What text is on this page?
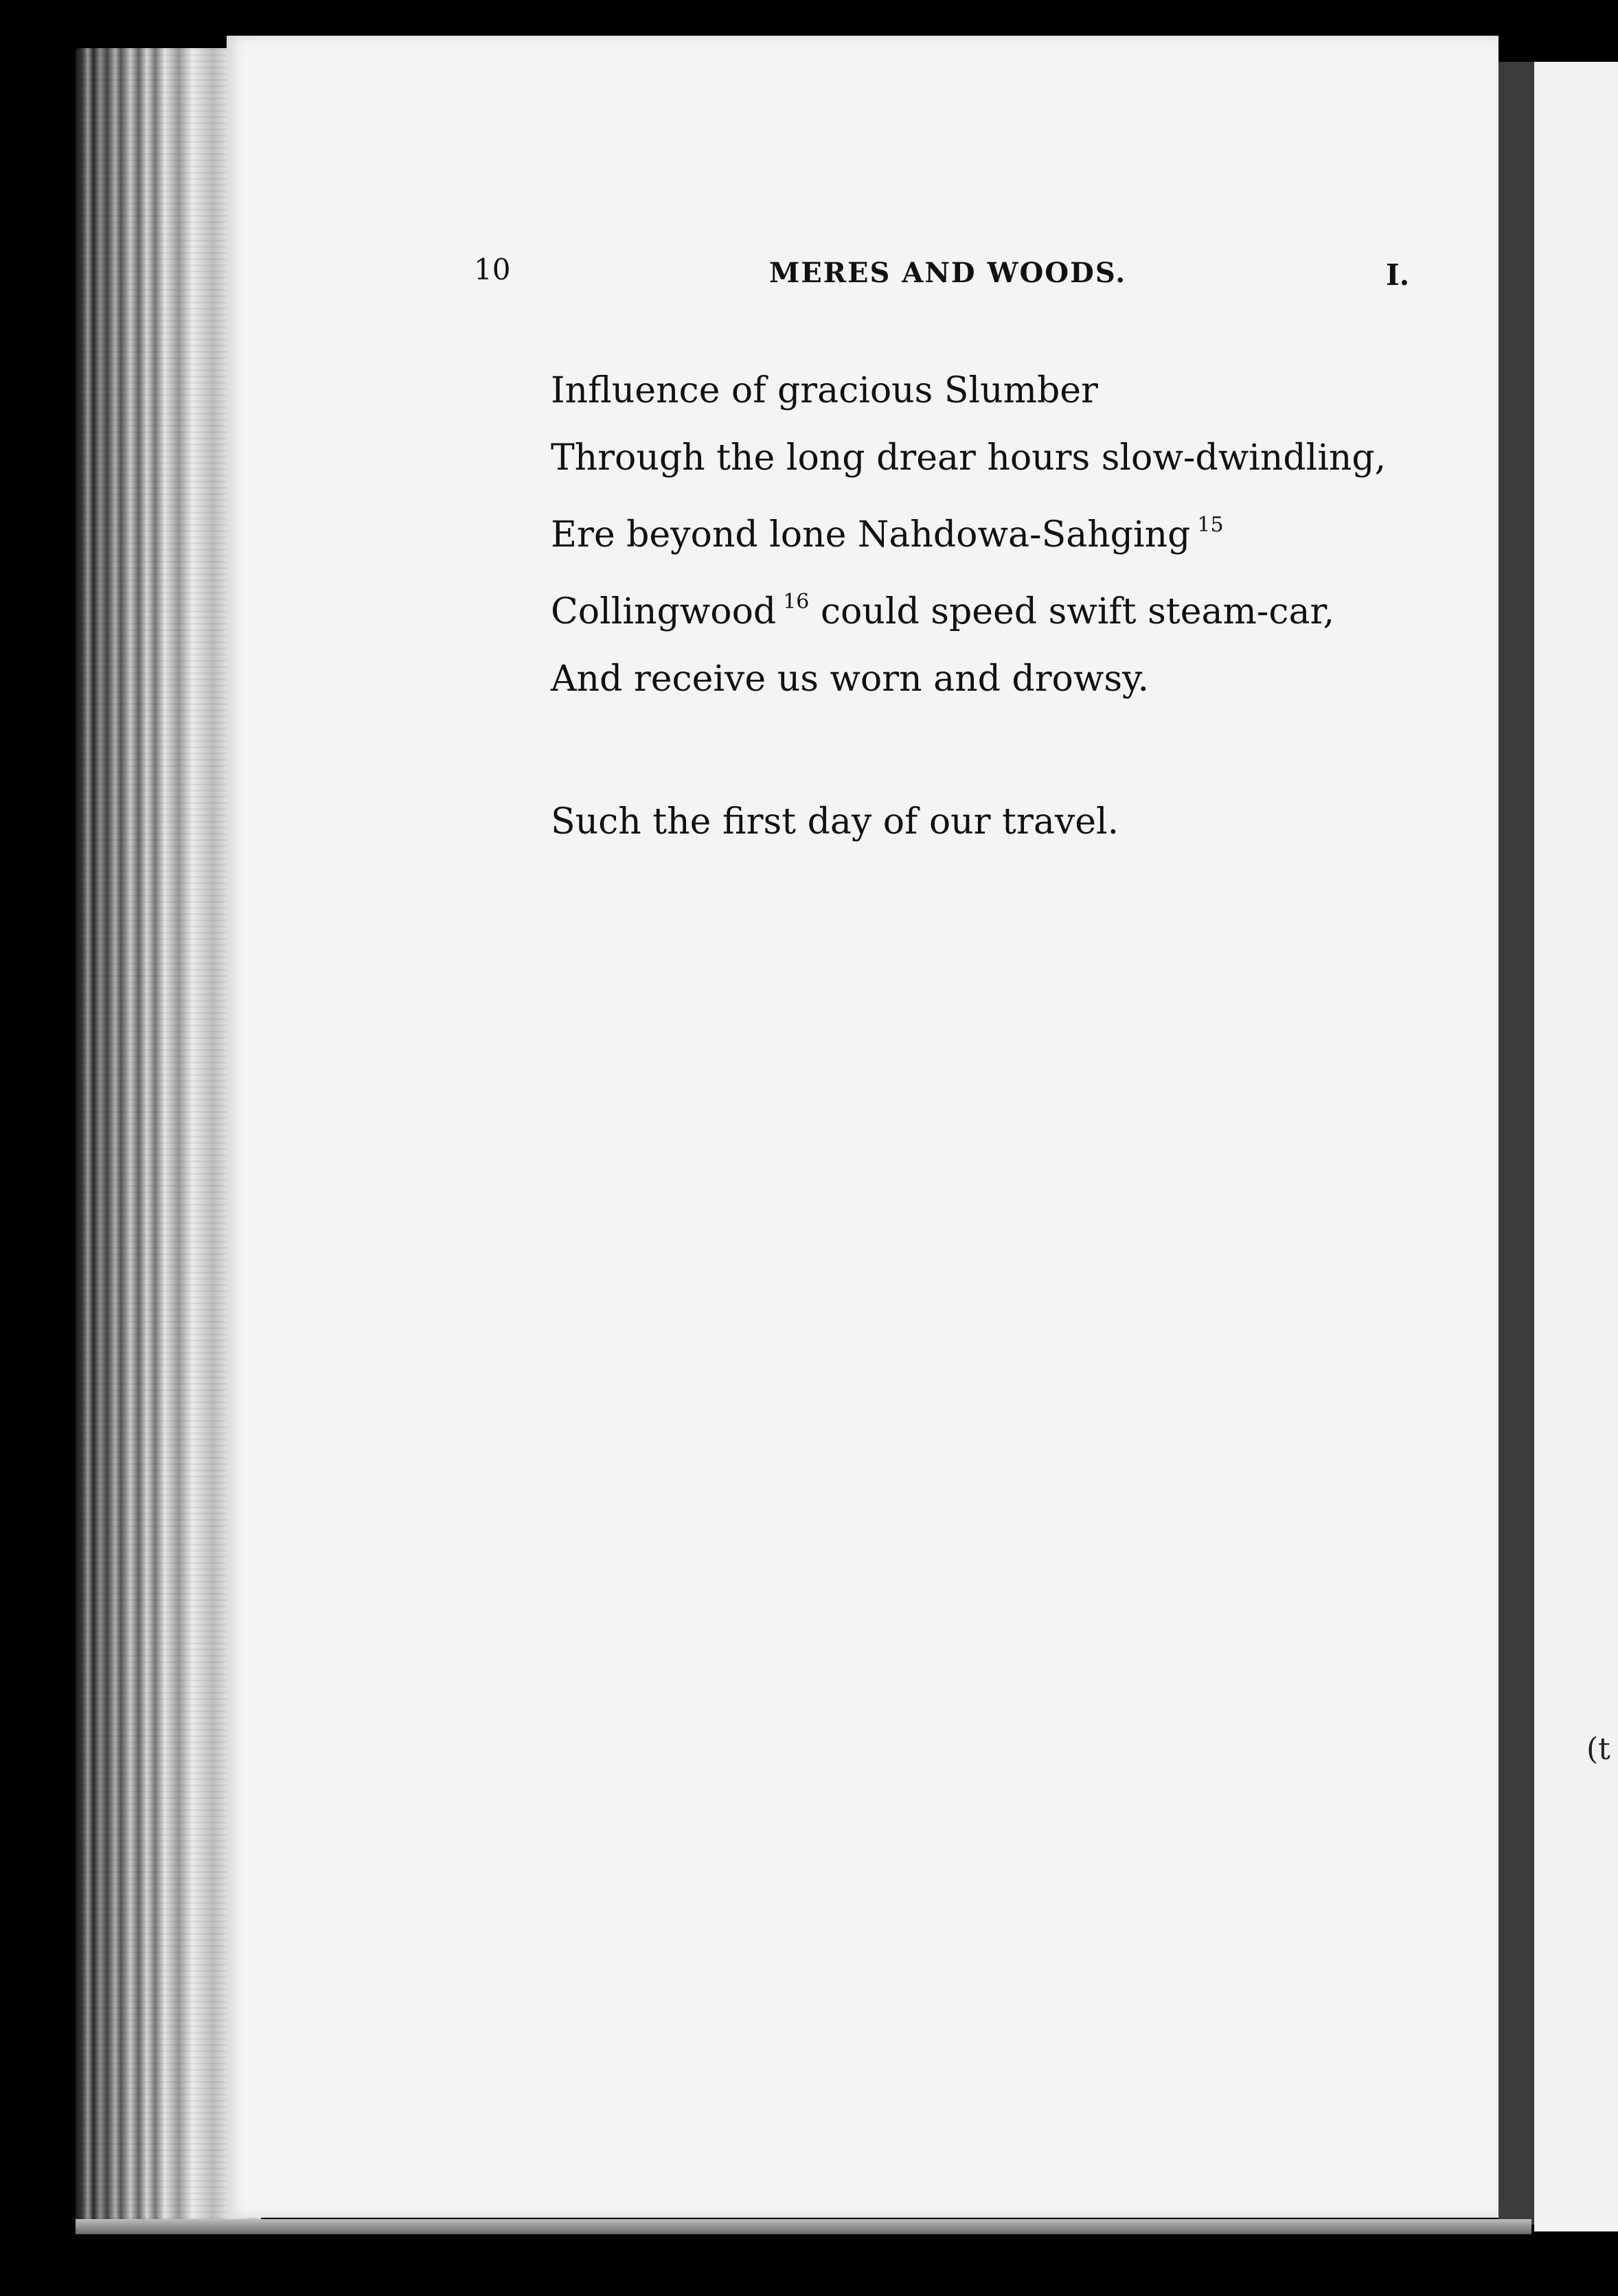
10	MERES AND WOODS.	I.
Influence of gracious Slumber
Through the long drear hours slow-dwindling,
Ere beyond lone Nahdowa-Sahging $^{15}$
Collingwood $^{16}$ could speed swift steam-car,
And receive us worn and drowsy.
Such the first day of our travel.
(t
